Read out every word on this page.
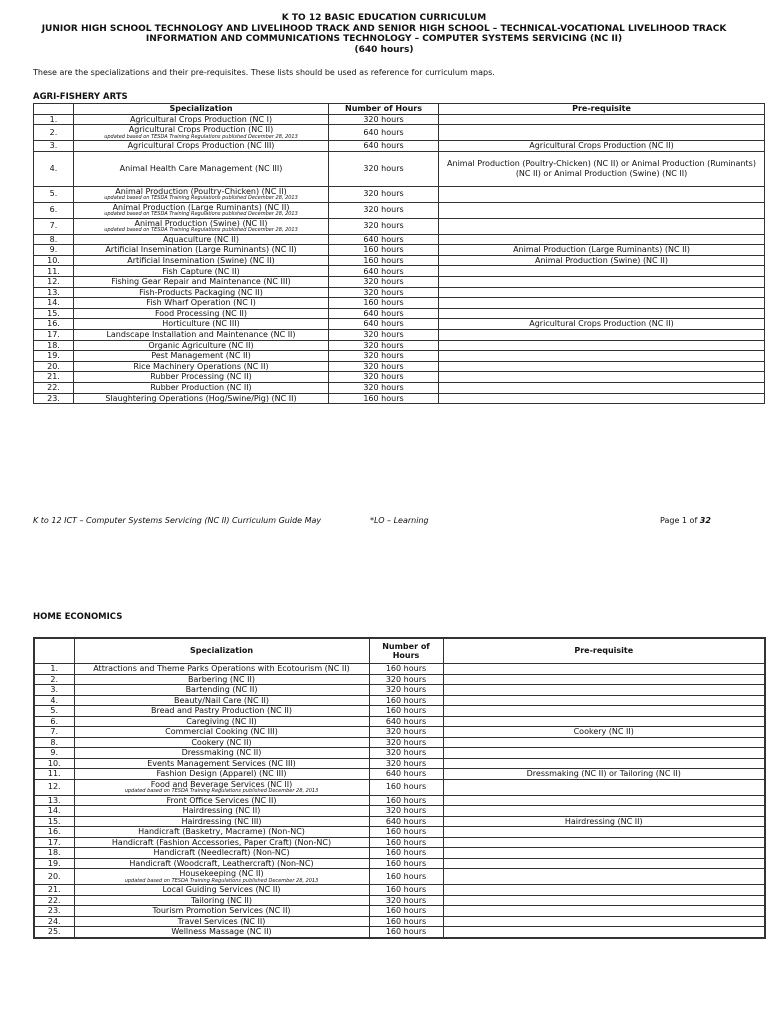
K TO 12 BASIC EDUCATION CURRICULUM
JUNIOR HIGH SCHOOL TECHNOLOGY AND LIVELIHOOD TRACK AND SENIOR HIGH SCHOOL – TECHNICAL-VOCATIONAL LIVELIHOOD TRACK
INFORMATION AND COMMUNICATIONS TECHNOLOGY – COMPUTER SYSTEMS SERVICING (NC II)
(640 hours)
These are the specializations and their pre-requisites. These lists should be used as reference for curriculum maps.
AGRI-FISHERY ARTS
	Specialization	Number of Hours	Pre-requisite
1.	Agricultural Crops Production (NC I)	320 hours	
2.	Agricultural Crops Production (NC II)
updated based on TESDA Training Regulations published December 28, 2013	640 hours	
3.	Agricultural Crops Production (NC III)	640 hours	Agricultural Crops Production (NC II)
4.	Animal Health Care Management (NC III)	320 hours	Animal Production (Poultry-Chicken) (NC II) or Animal Production (Ruminants) (NC II) or Animal Production (Swine) (NC II)
5.	Animal Production (Poultry-Chicken) (NC II)
updated based on TESDA Training Regulations published December 28, 2013	320 hours	
6.	Animal Production (Large Ruminants) (NC II)
updated based on TESDA Training Regulations published December 28, 2013	320 hours	
7.	Animal Production (Swine) (NC II)
updated based on TESDA Training Regulations published December 28, 2013	320 hours	
8.	Aquaculture (NC II)	640 hours	
9.	Artificial Insemination (Large Ruminants) (NC II)	160 hours	Animal Production (Large Ruminants) (NC II)
10.	Artificial Insemination (Swine) (NC II)	160 hours	Animal Production (Swine) (NC II)
11.	Fish Capture (NC II)	640 hours	
12.	Fishing Gear Repair and Maintenance (NC III)	320 hours	
13.	Fish-Products Packaging (NC II)	320 hours	
14.	Fish Wharf Operation (NC I)	160 hours	
15.	Food Processing (NC II)	640 hours	
16.	Horticulture (NC III)	640 hours	Agricultural Crops Production (NC II)
17.	Landscape Installation and Maintenance (NC II)	320 hours	
18.	Organic Agriculture (NC II)	320 hours	
19.	Pest Management (NC II)	320 hours	
20.	Rice Machinery Operations (NC II)	320 hours	
21.	Rubber Processing (NC II)	320 hours	
22.	Rubber Production (NC II)	320 hours	
23.	Slaughtering Operations (Hog/Swine/Pig) (NC II)	160 hours	
K to 12 ICT – Computer Systems Servicing (NC II) Curriculum Guide May	*LO – Learning	Page 1 of 32
HOME ECONOMICS
	Specialization	Number of Hours	Pre-requisite
1.	Attractions and Theme Parks Operations with Ecotourism (NC II)	160 hours	
2.	Barbering (NC II)	320 hours	
3.	Bartending (NC II)	320 hours	
4.	Beauty/Nail Care (NC II)	160 hours	
5.	Bread and Pastry Production (NC II)	160 hours	
6.	Caregiving (NC II)	640 hours	
7.	Commercial Cooking (NC III)	320 hours	Cookery (NC II)
8.	Cookery (NC II)	320 hours	
9.	Dressmaking (NC II)	320 hours	
10.	Events Management Services (NC III)	320 hours	
11.	Fashion Design (Apparel) (NC III)	640 hours	Dressmaking (NC II) or Tailoring (NC II)
12.	Food and Beverage Services (NC II)
updated based on TESDA Training Regulations published December 28, 2013	160 hours	
13.	Front Office Services (NC II)	160 hours	
14.	Hairdressing (NC II)	320 hours	
15.	Hairdressing (NC III)	640 hours	Hairdressing (NC II)
16.	Handicraft (Basketry, Macrame) (Non-NC)	160 hours	
17.	Handicraft (Fashion Accessories, Paper Craft) (Non-NC)	160 hours	
18.	Handicraft (Needlecraft) (Non-NC)	160 hours	
19.	Handicraft (Woodcraft, Leathercraft) (Non-NC)	160 hours	
20.	Housekeeping (NC II)
updated based on TESDA Training Regulations published December 28, 2013	160 hours	
21.	Local Guiding Services (NC II)	160 hours	
22.	Tailoring (NC II)	320 hours	
23.	Tourism Promotion Services (NC II)	160 hours	
24.	Travel Services (NC II)	160 hours	
25.	Wellness Massage (NC II)	160 hours	
